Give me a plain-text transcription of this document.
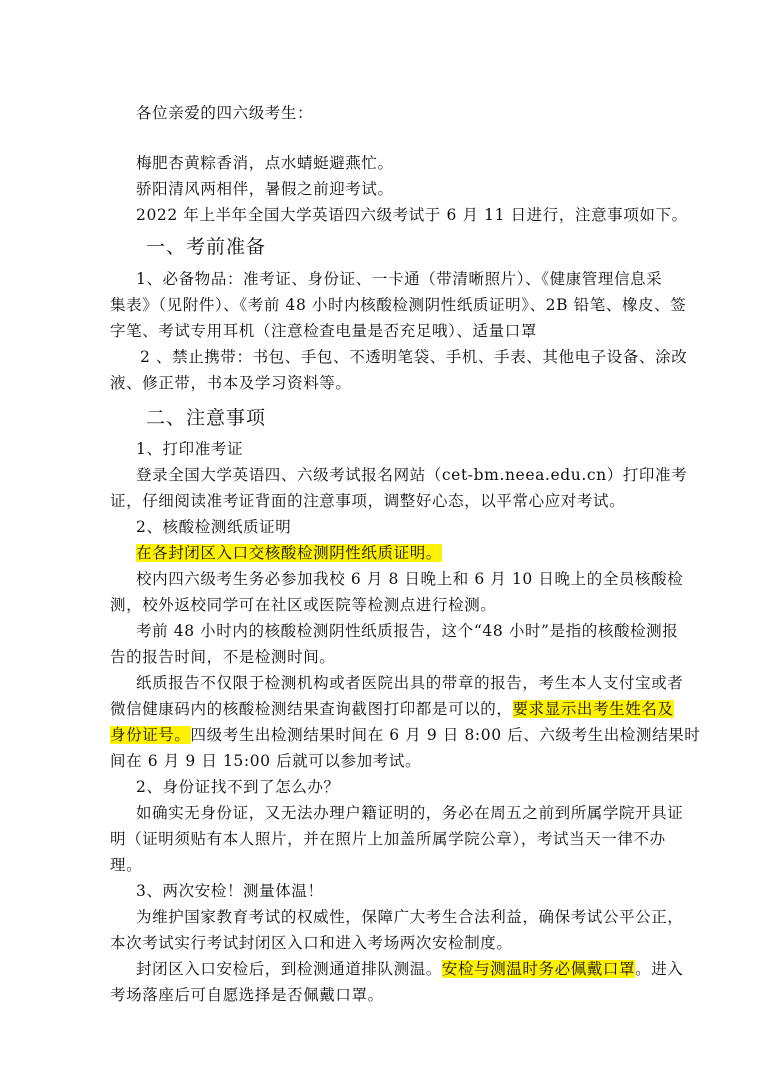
各位亲爱的四六级考生：
梅肥杏黄粽香消，点水蜻蜓避燕忙。
骄阳清风两相伴，暑假之前迎考试。
2022 年上半年全国大学英语四六级考试于 6 月 11 日进行，注意事项如下。
一、考前准备
1、必备物品：准考证、身份证、一卡通（带清晰照片）、《健康管理信息采
集表》（见附件）、《考前 48 小时内核酸检测阴性纸质证明》、2B 铅笔、橡皮、签
字笔、考试专用耳机（注意检查电量是否充足哦）、适量口罩
2 、禁止携带：书包、手包、不透明笔袋、手机、手表、其他电子设备、涂改
液、修正带，书本及学习资料等。
二、注意事项
1、打印准考证
登录全国大学英语四、六级考试报名网站（cet-bm.neea.edu.cn）打印准考
证，仔细阅读准考证背面的注意事项，调整好心态，以平常心应对考试。
2、核酸检测纸质证明
在各封闭区入口交核酸检测阴性纸质证明。
校内四六级考生务必参加我校 6 月 8 日晚上和 6 月 10 日晚上的全员核酸检
测，校外返校同学可在社区或医院等检测点进行检测。
考前 48 小时内的核酸检测阴性纸质报告，这个“48 小时”是指的核酸检测报
告的报告时间，不是检测时间。
纸质报告不仅限于检测机构或者医院出具的带章的报告，考生本人支付宝或者
微信健康码内的核酸检测结果查询截图打印都是可以的，要求显示出考生姓名及
身份证号。四级考生出检测结果时间在 6 月 9 日 8:00 后、六级考生出检测结果时
间在 6 月 9 日 15:00 后就可以参加考试。
2、身份证找不到了怎么办？
如确实无身份证，又无法办理户籍证明的，务必在周五之前到所属学院开具证
明（证明须贴有本人照片，并在照片上加盖所属学院公章），考试当天一律不办
理。
3、两次安检！测量体温！
为维护国家教育考试的权威性，保障广大考生合法利益，确保考试公平公正，
本次考试实行考试封闭区入口和进入考场两次安检制度。
封闭区入口安检后，到检测通道排队测温。安检与测温时务必佩戴口罩。进入
考场落座后可自愿选择是否佩戴口罩。
